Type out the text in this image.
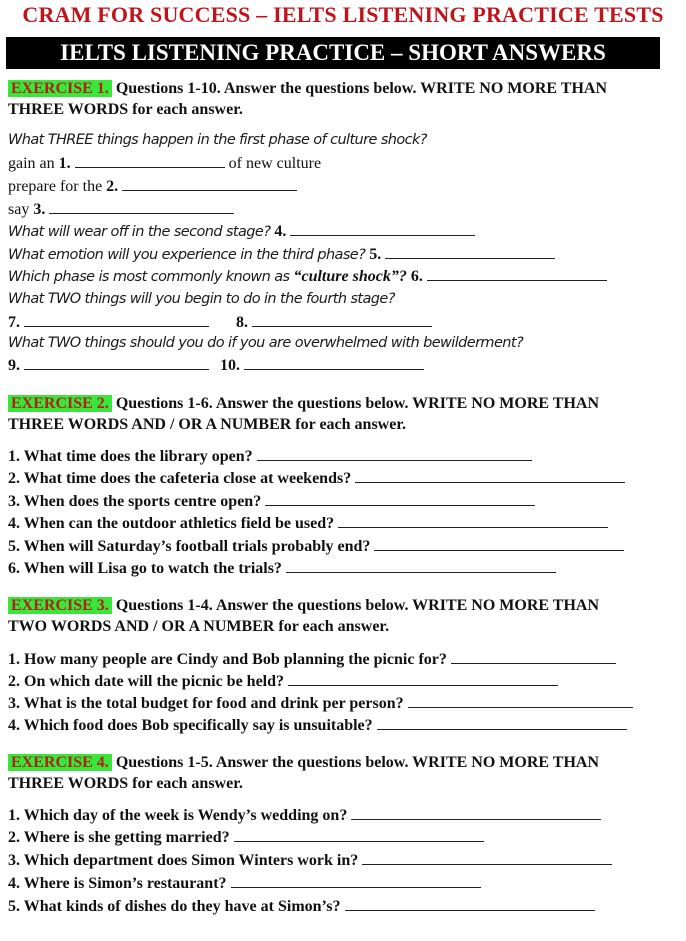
CRAM FOR SUCCESS – IELTS LISTENING PRACTICE TESTS
IELTS LISTENING PRACTICE – SHORT ANSWERS
EXERCISE 1. Questions 1-10. Answer the questions below. WRITE NO MORE THAN
THREE WORDS for each answer.
What THREE things happen in the first phase of culture shock?
gain an 1.	of new culture
prepare for the 2.
say 3.
What will wear off in the second stage? 4.
What emotion will you experience in the third phase? 5.
Which phase is most commonly known as “culture shock”? 6.
What TWO things will you begin to do in the fourth stage?
7.	8.
What TWO things should you do if you are overwhelmed with bewilderment?
9.	10.
EXERCISE 2. Questions 1-6. Answer the questions below. WRITE NO MORE THAN
THREE WORDS AND / OR A NUMBER for each answer.
1. What time does the library open?
2. What time does the cafeteria close at weekends?
3. When does the sports centre open?
4. When can the outdoor athletics field be used?
5. When will Saturday’s football trials probably end?
6. When will Lisa go to watch the trials?
EXERCISE 3. Questions 1-4. Answer the questions below. WRITE NO MORE THAN
TWO WORDS AND / OR A NUMBER for each answer.
1. How many people are Cindy and Bob planning the picnic for?
2. On which date will the picnic be held?
3. What is the total budget for food and drink per person?
4. Which food does Bob specifically say is unsuitable?
EXERCISE 4. Questions 1-5. Answer the questions below. WRITE NO MORE THAN
THREE WORDS for each answer.
1. Which day of the week is Wendy’s wedding on?
2. Where is she getting married?
3. Which department does Simon Winters work in?
4. Where is Simon’s restaurant?
5. What kinds of dishes do they have at Simon’s?
